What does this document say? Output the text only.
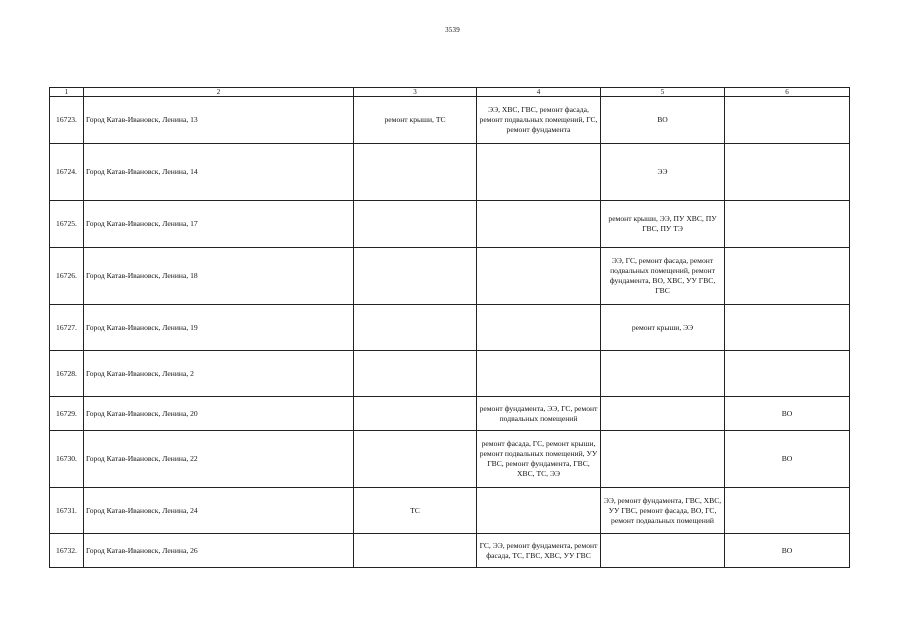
3539
1	2	3	4	5	6
16723.	Город Катав-Ивановск, Ленина, 13	ремонт крыши, ТС	ЭЭ, ХВС, ГВС, ремонт фасада, ремонт подвальных помещений, ГС, ремонт фундамента	ВО	
16724.	Город Катав-Ивановск, Ленина, 14			ЭЭ	
16725.	Город Катав-Ивановск, Ленина, 17			ремонт крыши, ЭЭ, ПУ ХВС, ПУ ГВС, ПУ ТЭ	
16726.	Город Катав-Ивановск, Ленина, 18			ЭЭ, ГС, ремонт фасада, ремонт подвальных помещений, ремонт фундамента, ВО, ХВС, УУ ГВС, ГВС	
16727.	Город Катав-Ивановск, Ленина, 19			ремонт крыши, ЭЭ	
16728.	Город Катав-Ивановск, Ленина, 2				
16729.	Город Катав-Ивановск, Ленина, 20		ремонт фундамента, ЭЭ, ГС, ремонт подвальных помещений		ВО
16730.	Город Катав-Ивановск, Ленина, 22		ремонт фасада, ГС, ремонт крыши, ремонт подвальных помещений, УУ ГВС, ремонт фундамента, ГВС, ХВС, ТС, ЭЭ		ВО
16731.	Город Катав-Ивановск, Ленина, 24	ТС		ЭЭ, ремонт фундамента, ГВС, ХВС, УУ ГВС, ремонт фасада, ВО, ГС, ремонт подвальных помещений	
16732.	Город Катав-Ивановск, Ленина, 26		ГС, ЭЭ, ремонт фундамента, ремонт фасада, ТС, ГВС, ХВС, УУ ГВС		ВО
